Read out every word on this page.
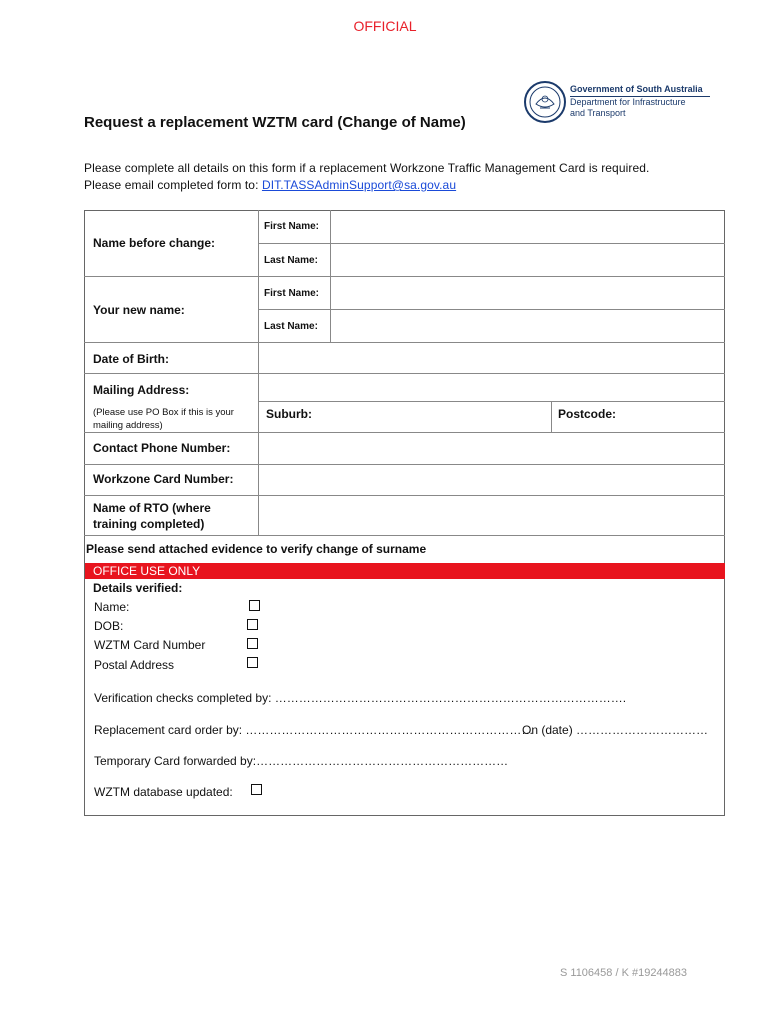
OFFICIAL
Government of South Australia
Department for Infrastructure
and Transport
Request a replacement WZTM card (Change of Name)
Please complete all details on this form if a replacement Workzone Traffic Management Card is required.
Please email completed form to: DIT.TASSAdminSupport@sa.gov.au
Name before change:
First Name:
Last Name:
Your new name:
First Name:
Last Name:
Date of Birth:
Mailing Address:
(Please use PO Box if this is your mailing address)
Suburb:	Postcode:
Contact Phone Number:
Workzone Card Number:
Name of RTO (where training completed)
Please send attached evidence to verify change of surname
OFFICE USE ONLY
Details verified:
Name:
DOB:
WZTM Card Number
Postal Address
Verification checks completed by: …………………………………………………………………………….
Replacement card order by: ………………………………………………………………
On (date) ……………………………
Temporary Card forwarded by:………………………………………………………
WZTM database updated:
S 1106458 / K #19244883
